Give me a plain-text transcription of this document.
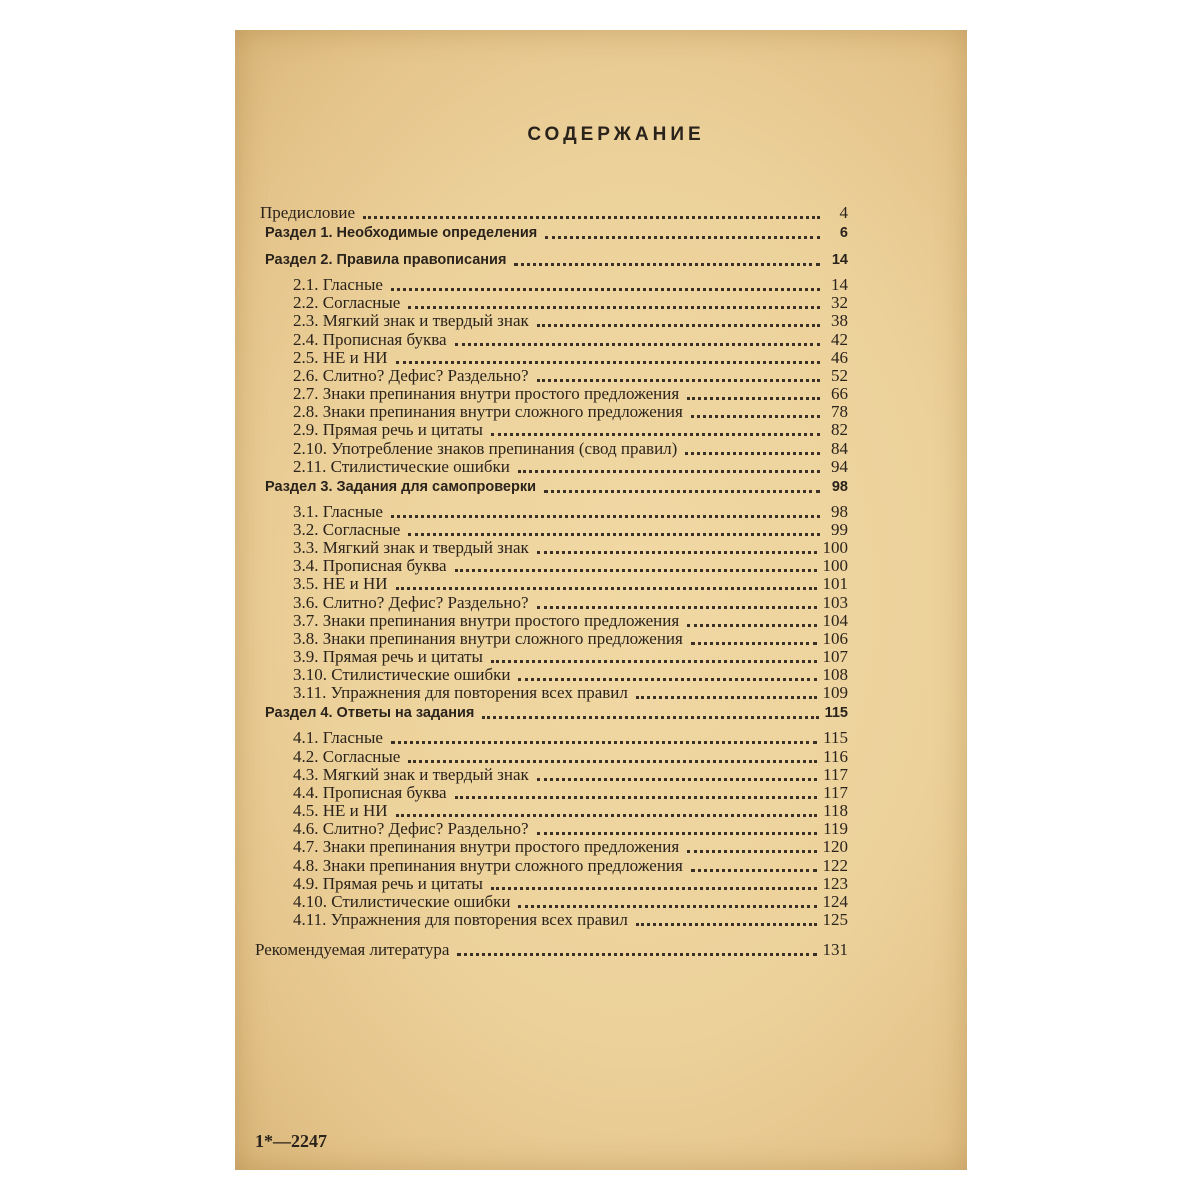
СОДЕРЖАНИЕ
Предисловие	4
Раздел 1. Необходимые определения	6
Раздел 2. Правила правописания	14
2.1. Гласные	14
2.2. Согласные	32
2.3. Мягкий знак и твердый знак	38
2.4. Прописная буква	42
2.5. НЕ и НИ	46
2.6. Слитно? Дефис? Раздельно?	52
2.7. Знаки препинания внутри простого предложения	66
2.8. Знаки препинания внутри сложного предложения	78
2.9. Прямая речь и цитаты	82
2.10. Употребление знаков препинания (свод правил)	84
2.11. Стилистические ошибки	94
Раздел 3. Задания для самопроверки	98
3.1. Гласные	98
3.2. Согласные	99
3.3. Мягкий знак и твердый знак	100
3.4. Прописная буква	100
3.5. НЕ и НИ	101
3.6. Слитно? Дефис? Раздельно?	103
3.7. Знаки препинания внутри простого предложения	104
3.8. Знаки препинания внутри сложного предложения	106
3.9. Прямая речь и цитаты	107
3.10. Стилистические ошибки	108
3.11. Упражнения для повторения всех правил	109
Раздел 4. Ответы на задания	115
4.1. Гласные	115
4.2. Согласные	116
4.3. Мягкий знак и твердый знак	117
4.4. Прописная буква	117
4.5. НЕ и НИ	118
4.6. Слитно? Дефис? Раздельно?	119
4.7. Знаки препинания внутри простого предложения	120
4.8. Знаки препинания внутри сложного предложения	122
4.9. Прямая речь и цитаты	123
4.10. Стилистические ошибки	124
4.11. Упражнения для повторения всех правил	125
Рекомендуемая литература	131
1*—2247
